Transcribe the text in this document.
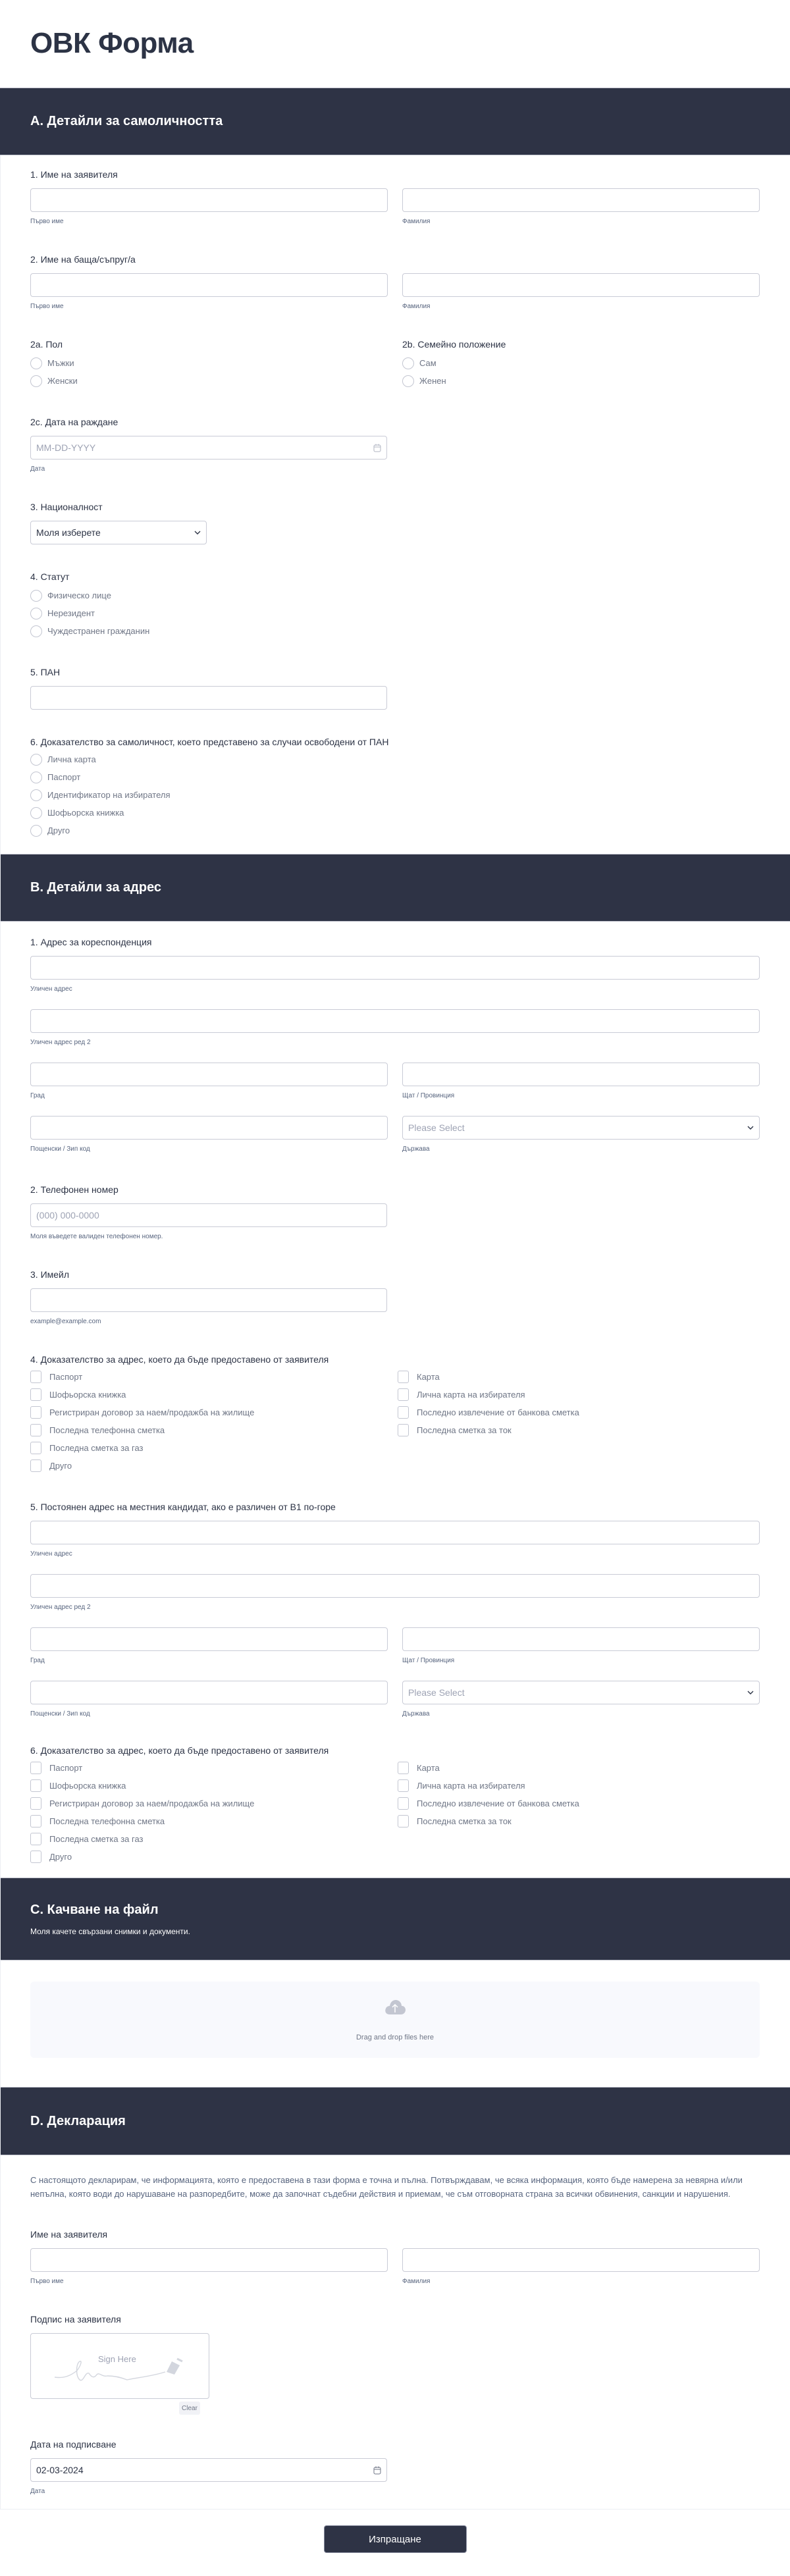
ОВК Форма
A. Детайли за самоличността
1. Име на заявителя
Първо име	Фамилия
2. Име на баща/съпруг/а
Първо име	Фамилия
2a. Пол
Мъжки
Женски
2b. Семейно положение
Сам
Женен
2c. Дата на раждане
MM-DD-YYYY
Дата
3. Националност
Моля изберете
4. Статут
Физическо лице
Нерезидент
Чуждестранен гражданин
5. ПАН
6. Доказателство за самоличност, което представено за случаи освободени от ПАН
Лична карта
Паспорт
Идентификатор на избирателя
Шофьорска книжка
Друго
B. Детайли за адрес
1. Адрес за кореспонденция
Уличен адрес
Уличен адрес ред 2
Град	Щат / Провинция
Пощенски / Зип код
Please Select
Държава
2. Телефонен номер
(000) 000-0000
Моля въведете валиден телефонен номер.
3. Имейл
example@example.com
4. Доказателство за адрес, което да бъде предоставено от заявителя
Паспорт
Шофьорска книжка
Регистриран договор за наем/продажба на жилище
Последна телефонна сметка
Последна сметка за газ
Друго
Карта
Лична карта на избирателя
Последно извлечение от банкова сметка
Последна сметка за ток
5. Постоянен адрес на местния кандидат, ако е различен от B1 по-горе
Уличен адрес
Уличен адрес ред 2
Град	Щат / Провинция
Пощенски / Зип код
Please Select
Държава
6. Доказателство за адрес, което да бъде предоставено от заявителя
Паспорт
Шофьорска книжка
Регистриран договор за наем/продажба на жилище
Последна телефонна сметка
Последна сметка за газ
Друго
Карта
Лична карта на избирателя
Последно извлечение от банкова сметка
Последна сметка за ток
C. Качване на файл
Моля качете свързани снимки и документи.
Преглед на файлове
Drag and drop files here
D. Декларация
С настоящото декларирам, че информацията, която е предоставена в тази форма е точна и пълна. Потвърждавам, че всяка информация, която бъде намерена за невярна и/или непълна, която води до нарушаване на разпоредбите, може да започнат съдебни действия и приемам, че съм отговорната страна за всички обвинения, санкции и нарушения.
Име на заявителя
Първо име	Фамилия
Подпис на заявителя
Sign Here
Clear
Дата на подписване
02-03-2024
Дата
Изпращане
